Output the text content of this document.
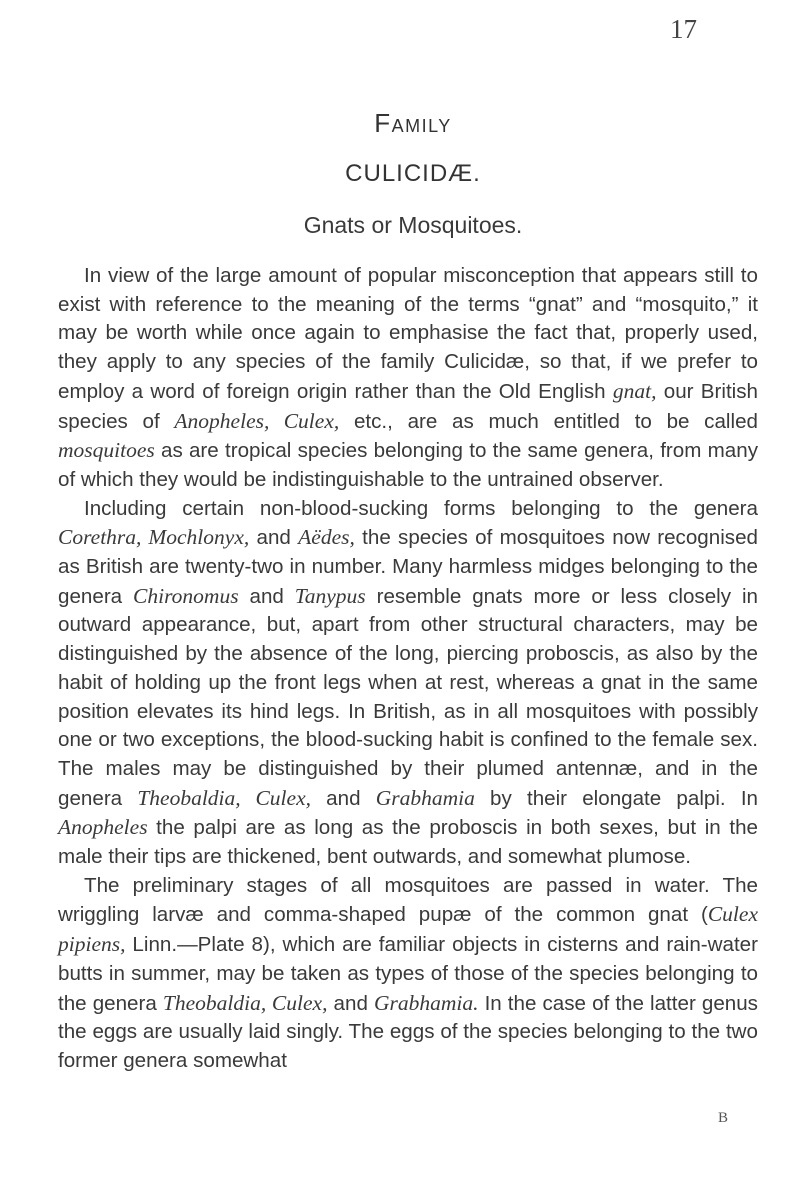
17
Family
CULICIDÆ.
Gnats or Mosquitoes.

In view of the large amount of popular misconception that appears still to exist with reference to the meaning of the terms “gnat” and “mosquito,” it may be worth while once again to emphasise the fact that, properly used, they apply to any species of the family Culicidæ, so that, if we prefer to employ a word of foreign origin rather than the Old English gnat, our British species of Anopheles, Culex, etc., are as much entitled to be called mosquitoes as are tropical species belonging to the same genera, from many of which they would be indistinguishable to the untrained observer.

Including certain non-blood-sucking forms belonging to the genera Corethra, Mochlonyx, and Aëdes, the species of mosquitoes now recognised as British are twenty-two in number. Many harmless midges belonging to the genera Chironomus and Tanypus resemble gnats more or less closely in outward appearance, but, apart from other structural characters, may be distinguished by the absence of the long, piercing proboscis, as also by the habit of holding up the front legs when at rest, whereas a gnat in the same position elevates its hind legs. In British, as in all mosquitoes with possibly one or two exceptions, the blood-sucking habit is confined to the female sex. The males may be distinguished by their plumed antennæ, and in the genera Theobaldia, Culex, and Grabhamia by their elongate palpi. In Anopheles the palpi are as long as the proboscis in both sexes, but in the male their tips are thickened, bent outwards, and somewhat plumose.

The preliminary stages of all mosquitoes are passed in water. The wriggling larvæ and comma-shaped pupæ of the common gnat (Culex pipiens, Linn.—Plate 8), which are familiar objects in cisterns and rain-water butts in summer, may be taken as types of those of the species belonging to the genera Theobaldia, Culex, and Grabhamia. In the case of the latter genus the eggs are usually laid singly. The eggs of the species belonging to the two former genera somewhat

B
